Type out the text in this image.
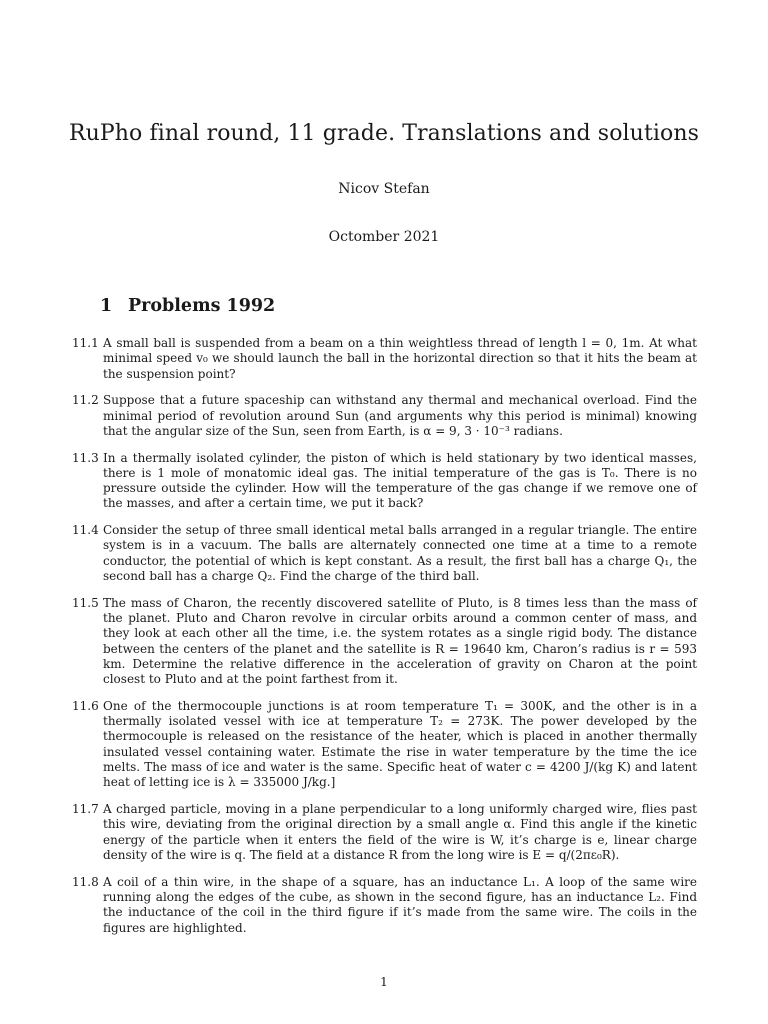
RuPho final round, 11 grade. Translations and solutions
Nicov Stefan
Octomber 2021
1 Problems 1992
11.1 A small ball is suspended from a beam on a thin weightless thread of length l = 0, 1m. At what minimal speed v₀ we should launch the ball in the horizontal direction so that it hits the beam at the suspension point?
11.2 Suppose that a future spaceship can withstand any thermal and mechanical overload. Find the minimal period of revolution around Sun (and arguments why this period is minimal) knowing that the angular size of the Sun, seen from Earth, is α = 9, 3 · 10⁻³ radians.
11.3 In a thermally isolated cylinder, the piston of which is held stationary by two identical masses, there is 1 mole of monatomic ideal gas. The initial temperature of the gas is T₀. There is no pressure outside the cylinder. How will the temperature of the gas change if we remove one of the masses, and after a certain time, we put it back?
11.4 Consider the setup of three small identical metal balls arranged in a regular triangle. The entire system is in a vacuum. The balls are alternately connected one time at a time to a remote conductor, the potential of which is kept constant. As a result, the first ball has a charge Q₁, the second ball has a charge Q₂. Find the charge of the third ball.
11.5 The mass of Charon, the recently discovered satellite of Pluto, is 8 times less than the mass of the planet. Pluto and Charon revolve in circular orbits around a common center of mass, and they look at each other all the time, i.e. the system rotates as a single rigid body. The distance between the centers of the planet and the satellite is R = 19640 km, Charon’s radius is r = 593 km. Determine the relative difference in the acceleration of gravity on Charon at the point closest to Pluto and at the point farthest from it.
11.6 One of the thermocouple junctions is at room temperature T₁ = 300K, and the other is in a thermally isolated vessel with ice at temperature T₂ = 273K. The power developed by the thermocouple is released on the resistance of the heater, which is placed in another thermally insulated vessel containing water. Estimate the rise in water temperature by the time the ice melts. The mass of ice and water is the same. Specific heat of water c = 4200 J/(kg K) and latent heat of letting ice is λ = 335000 J/kg.]
11.7 A charged particle, moving in a plane perpendicular to a long uniformly charged wire, flies past this wire, deviating from the original direction by a small angle α. Find this angle if the kinetic energy of the particle when it enters the field of the wire is W, it’s charge is e, linear charge density of the wire is q. The field at a distance R from the long wire is E = q/(2πε₀R).
11.8 A coil of a thin wire, in the shape of a square, has an inductance L₁. A loop of the same wire running along the edges of the cube, as shown in the second figure, has an inductance L₂. Find the inductance of the coil in the third figure if it’s made from the same wire. The coils in the figures are highlighted.
1
